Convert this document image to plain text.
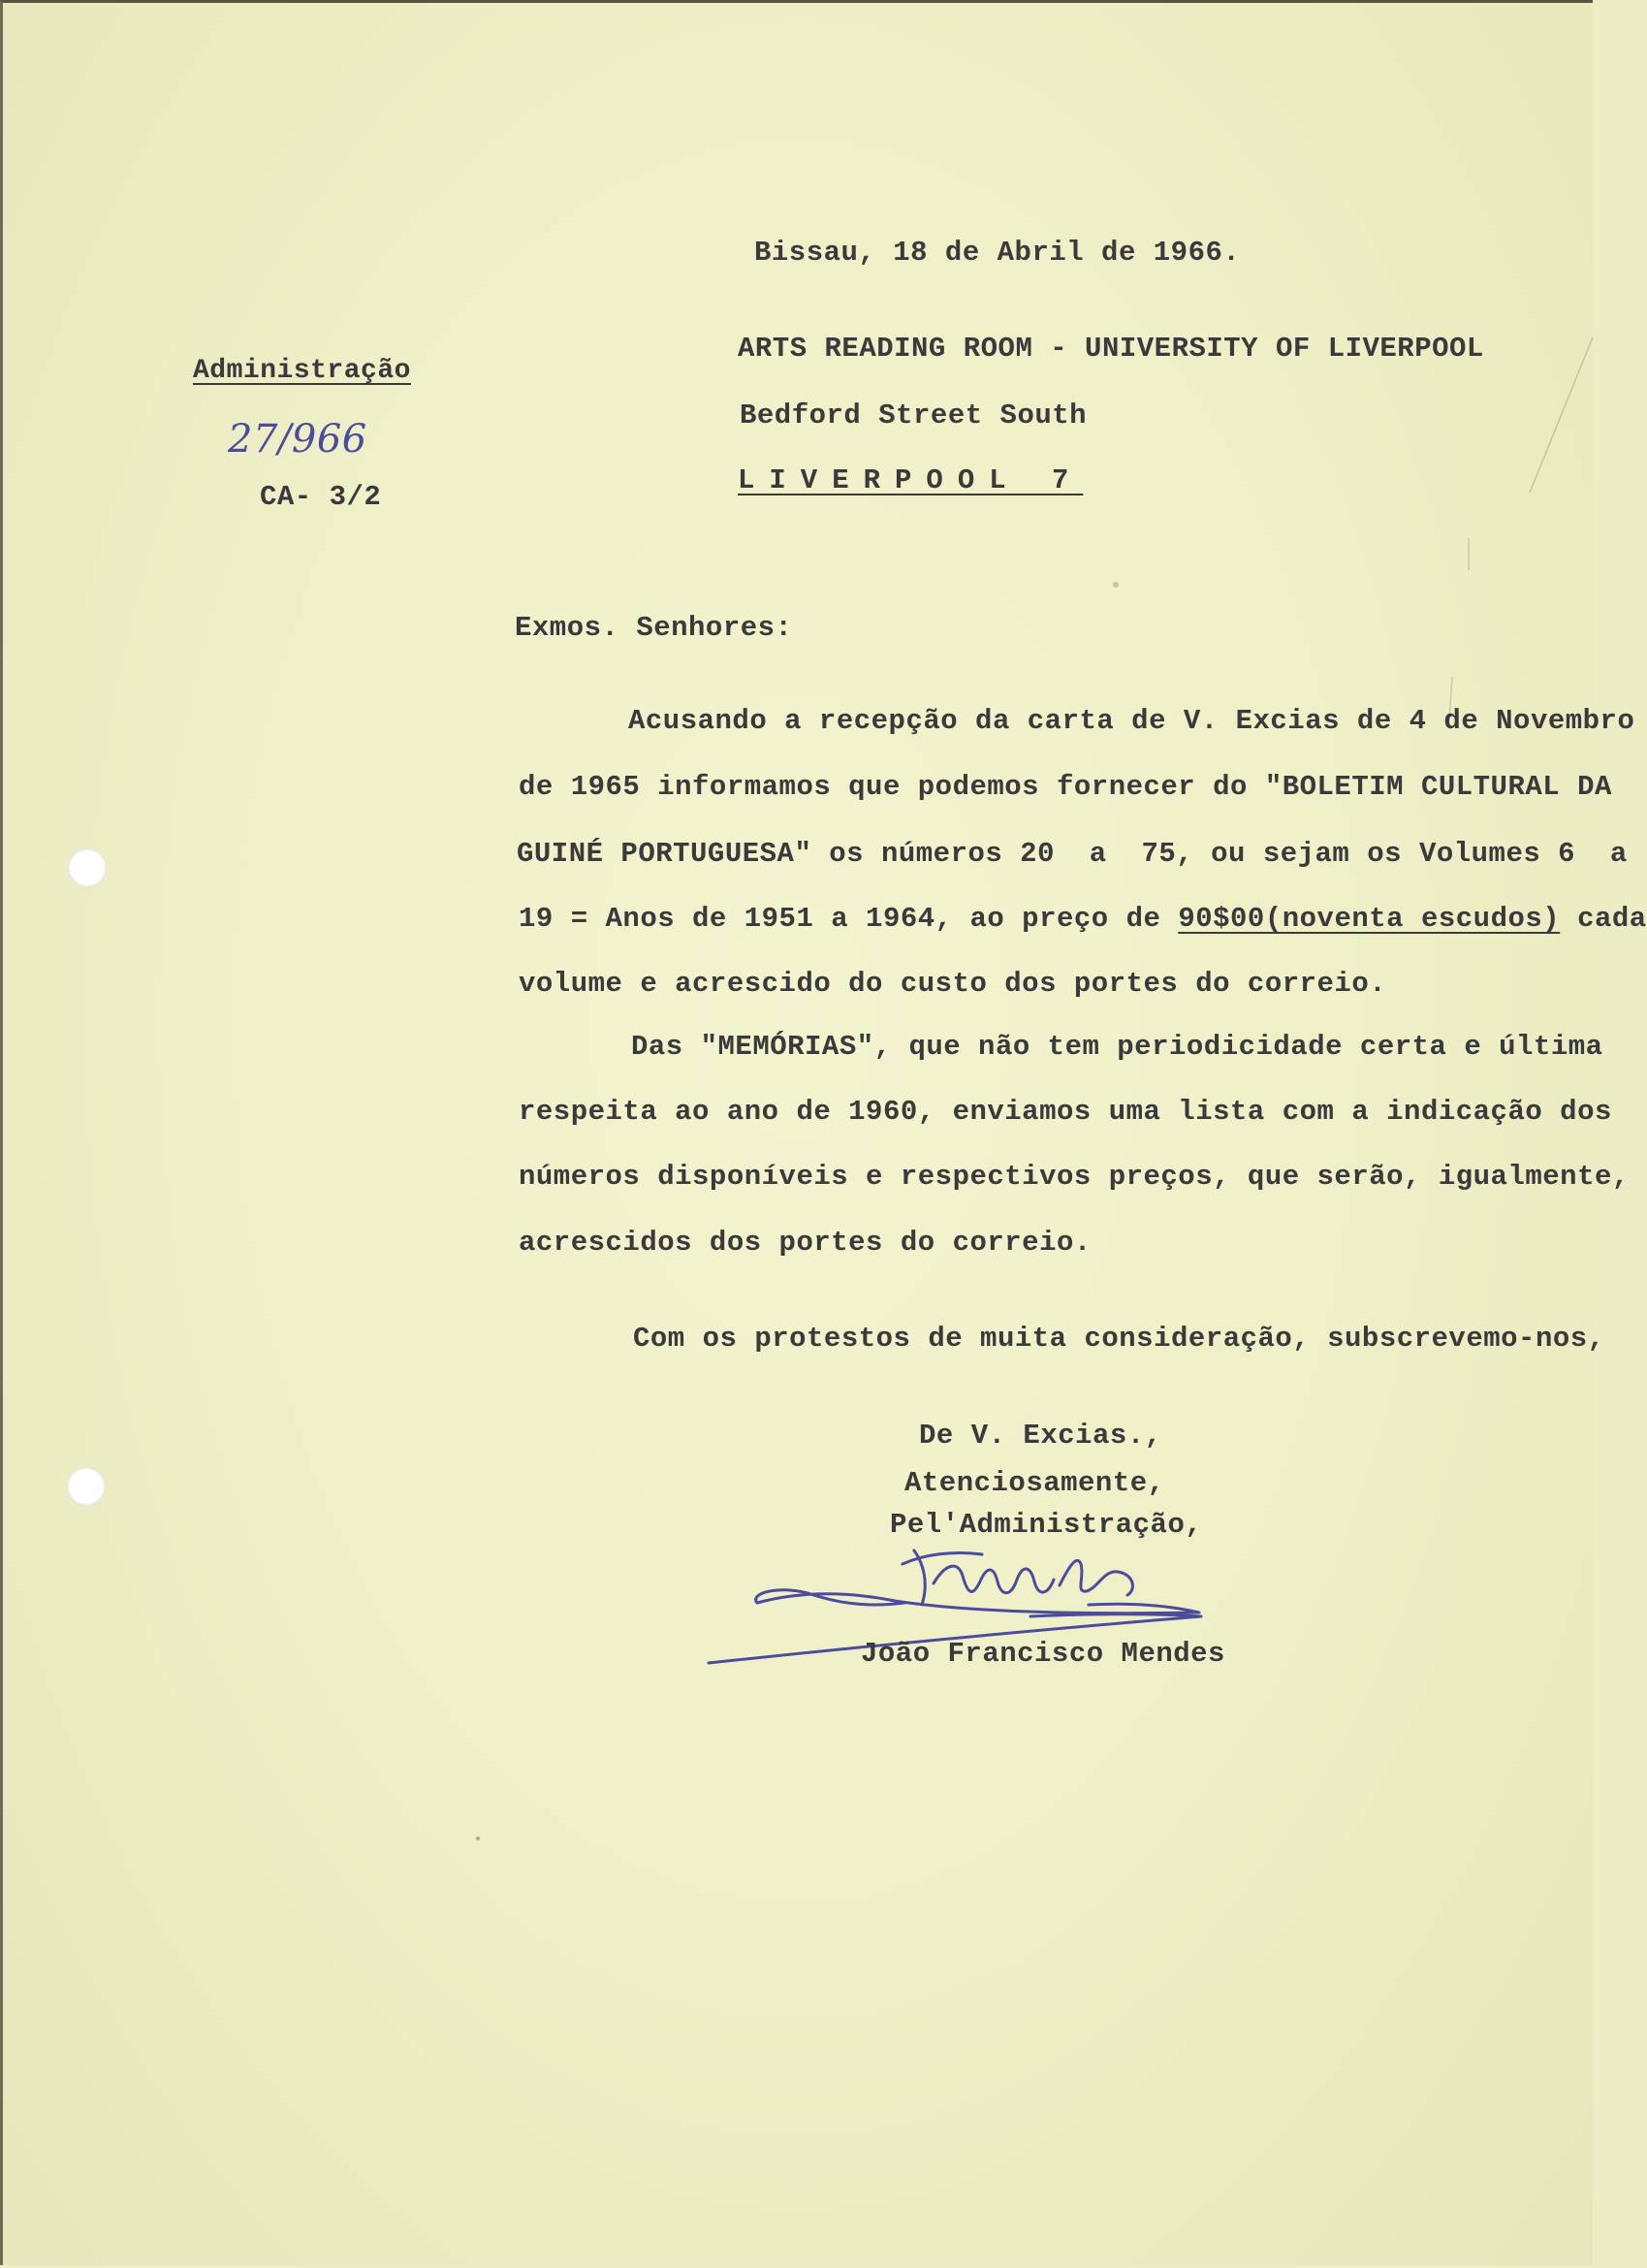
Bissau, 18 de Abril de 1966.
Administração
27/966
CA- 3/2
ARTS READING ROOM - UNIVERSITY OF LIVERPOOL
Bedford Street South
LIVERPOOL 7
Exmos. Senhores:
Acusando a recepção da carta de V. Excias de 4 de Novembro
de 1965 informamos que podemos fornecer do "BOLETIM CULTURAL DA
GUINÉ PORTUGUESA" os números 20  a  75, ou sejam os Volumes 6  a
19 = Anos de 1951 a 1964, ao preço de 90$00(noventa escudos) cada
volume e acrescido do custo dos portes do correio.
Das "MEMÓRIAS", que não tem periodicidade certa e última
respeita ao ano de 1960, enviamos uma lista com a indicação dos
números disponíveis e respectivos preços, que serão, igualmente,
acrescidos dos portes do correio.
Com os protestos de muita consideração, subscrevemo-nos,
De V. Excias.,
Atenciosamente,
Pel'Administração,
João Francisco Mendes
